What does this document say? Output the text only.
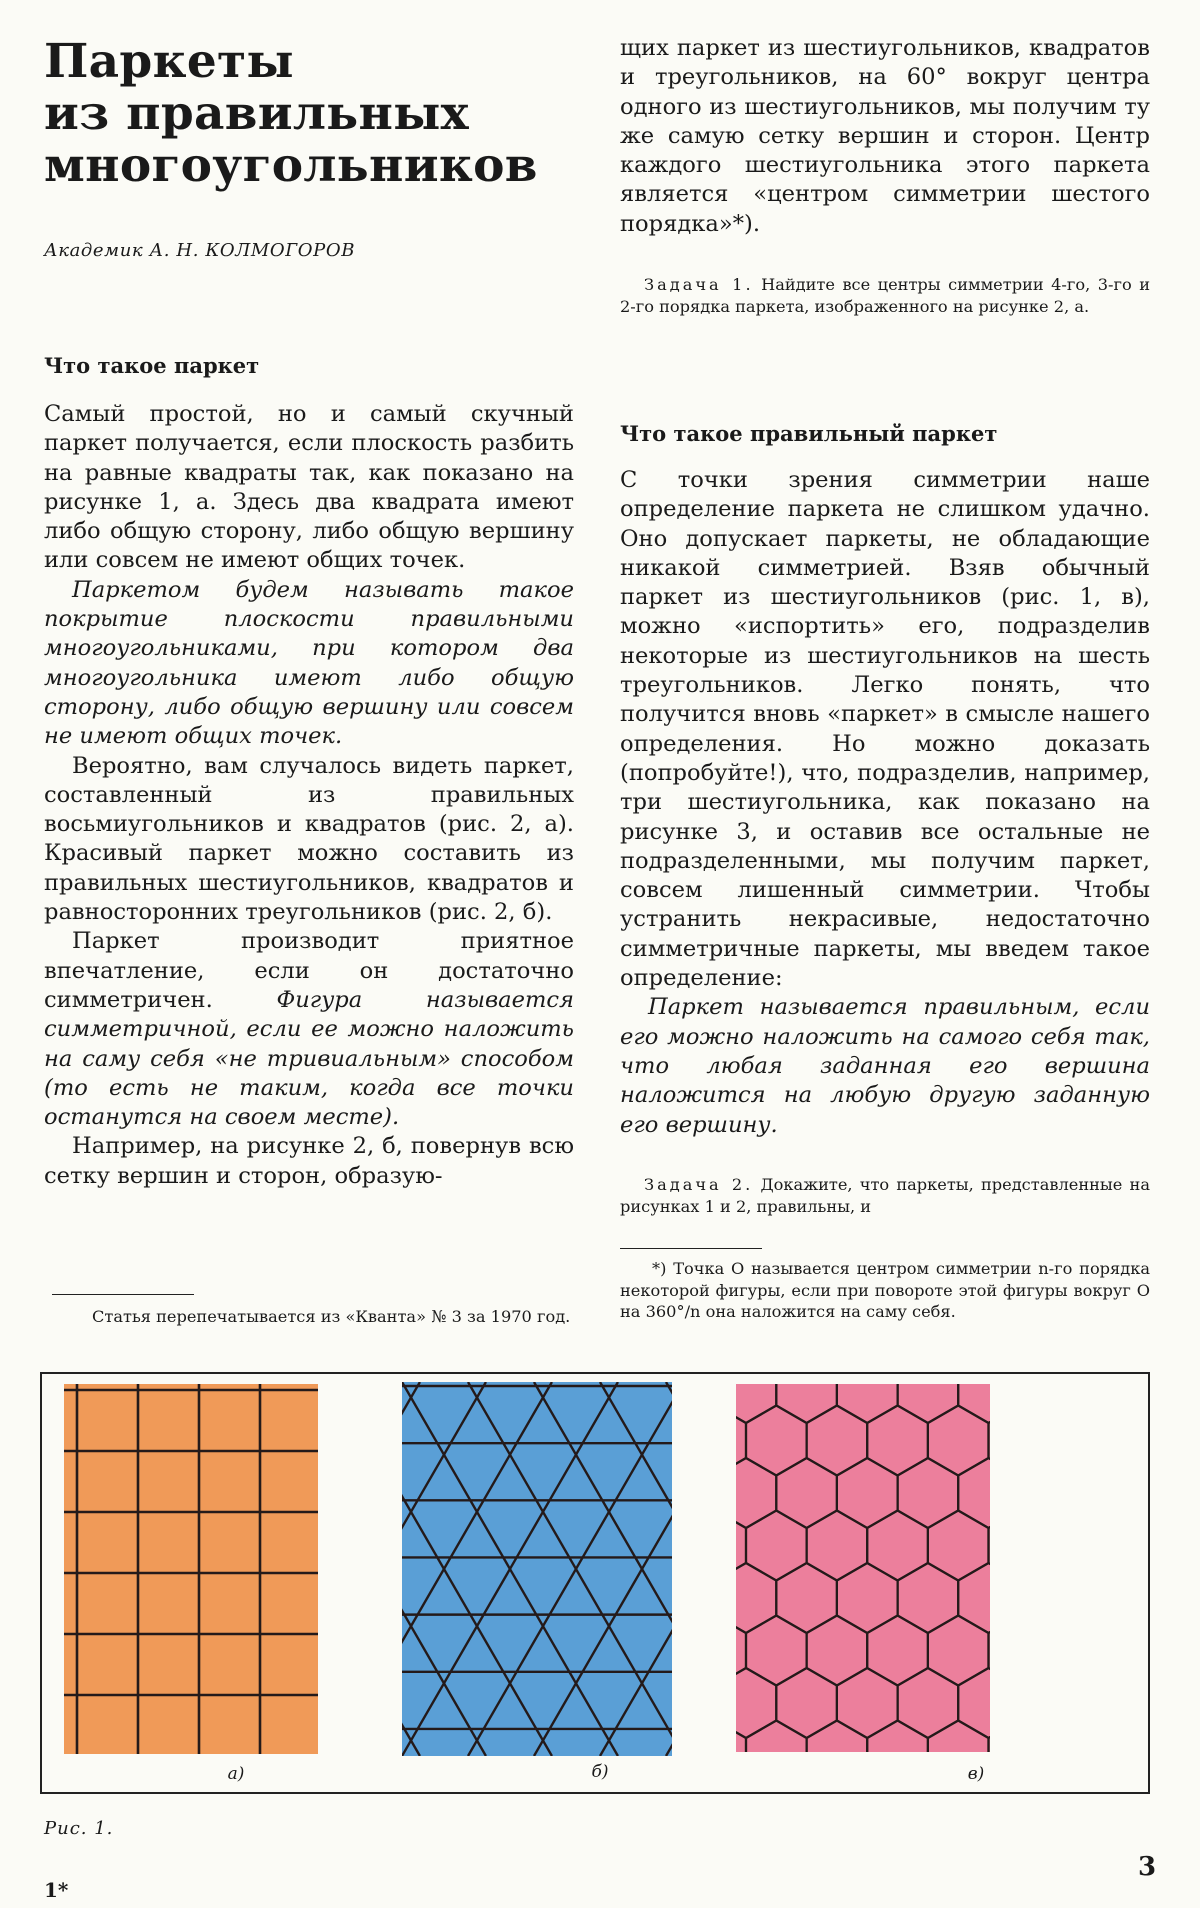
Паркеты
из правильных
многоугольников
Академик А. Н. КОЛМОГОРОВ
Что такое паркет

Самый простой, но и самый скучный паркет получается, если плоскость разбить на равные квадраты так, как показано на рисунке 1, а. Здесь два квадрата имеют либо общую сторону, либо общую вершину или совсем не имеют общих точек.

Паркетом будем называть такое покрытие плоскости правильными многоугольниками, при котором два многоугольника имеют либо общую сторону, либо общую вершину или совсем не имеют общих точек.

Вероятно, вам случалось видеть паркет, составленный из правильных восьмиугольников и квадратов (рис. 2, а). Красивый паркет можно составить из правильных шестиугольников, квадратов и равносторонних треугольников (рис. 2, б).

Паркет производит приятное впечатление, если он достаточно симметричен. Фигура называется симметричной, если ее можно наложить на саму себя «не тривиальным» способом (то есть не таким, когда все точки останутся на своем месте).

Например, на рисунке 2, б, повернув всю сетку вершин и сторон, образую-

щих паркет из шестиугольников, квадратов и треугольников, на 60° вокруг центра одного из шестиугольников, мы получим ту же самую сетку вершин и сторон. Центр каждого шестиугольника этого паркета является «центром симметрии шестого порядка»*).

Задача 1. Найдите все центры симметрии 4-го, 3-го и 2-го порядка паркета, изображенного на рисунке 2, а.

Что такое правильный паркет

С точки зрения симметрии наше определение паркета не слишком удачно. Оно допускает паркеты, не обладающие никакой симметрией. Взяв обычный паркет из шестиугольников (рис. 1, в), можно «испортить» его, подразделив некоторые из шестиугольников на шесть треугольников. Легко понять, что получится вновь «паркет» в смысле нашего определения. Но можно доказать (попробуйте!), что, подразделив, например, три шестиугольника, как показано на рисунке 3, и оставив все остальные не подразделенными, мы получим паркет, совсем лишенный симметрии. Чтобы устранить некрасивые, недостаточно симметричные паркеты, мы введем такое определение:

Паркет называется правильным, если его можно наложить на самого себя так, что любая заданная его вершина наложится на любую другую заданную его вершину.

Задача 2. Докажите, что паркеты, представленные на рисунках 1 и 2, правильны, и

Статья перепечатывается из «Кванта» № 3 за 1970 год.

*) Точка O называется центром симметрии n-го порядка некоторой фигуры, если при повороте этой фигуры вокруг O на 360°/n она наложится на саму себя.

а)	б)	в)
Рис. 1.
3
1*
